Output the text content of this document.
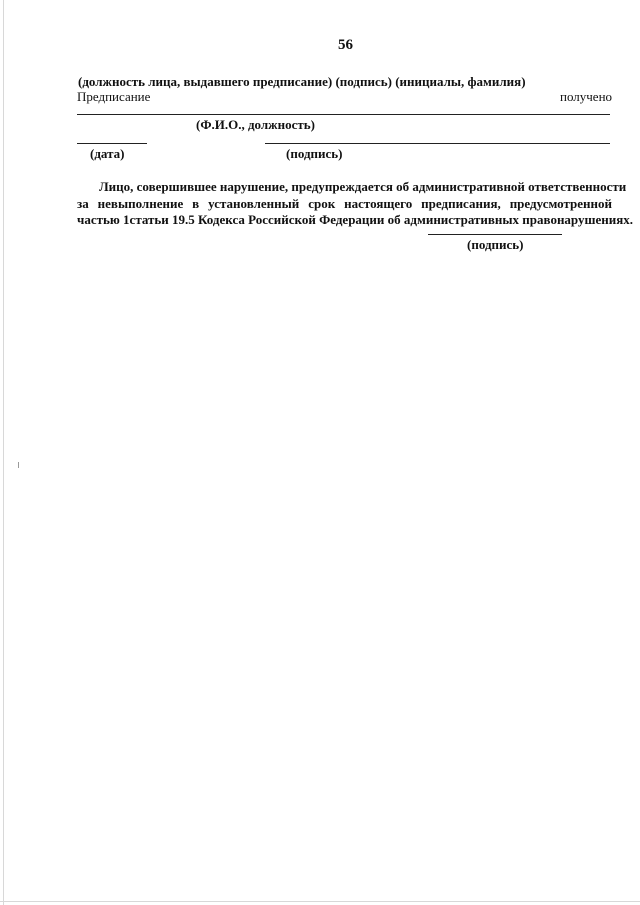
56
(должность лица, выдавшего предписание) (подпись) (инициалы, фамилия)
Предписание	получено
(Ф.И.О., должность)
(дата)	(подпись)
Лицо, совершившее нарушение, предупреждается об административной ответственности
за невыполнение в установленный срок настоящего предписания, предусмотренной
частью 1статьи 19.5 Кодекса Российской Федерации об административных правонарушениях.
(подпись)
